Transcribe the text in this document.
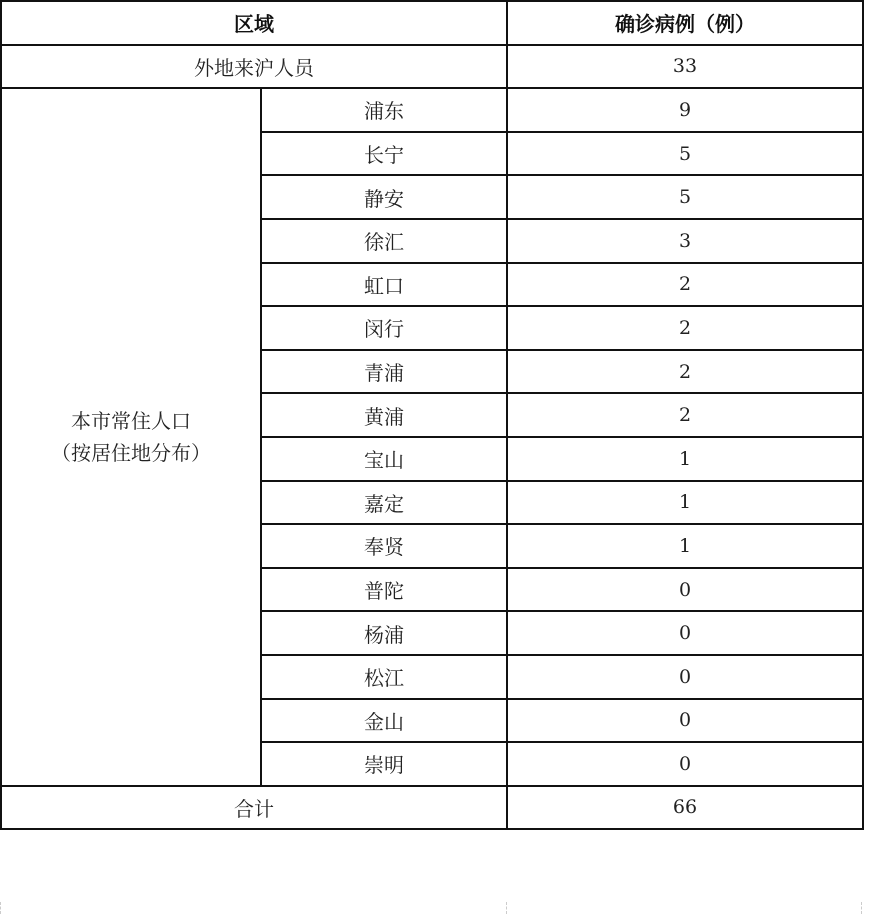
区域		确诊病例（例）
外地来沪人员		33
本市常住人口
（按居住地分布）	浦东	9
	长宁	5
	静安	5
	徐汇	3
	虹口	2
	闵行	2
	青浦	2
	黄浦	2
	宝山	1
	嘉定	1
	奉贤	1
	普陀	0
	杨浦	0
	松江	0
	金山	0
	崇明	0
合计		66
